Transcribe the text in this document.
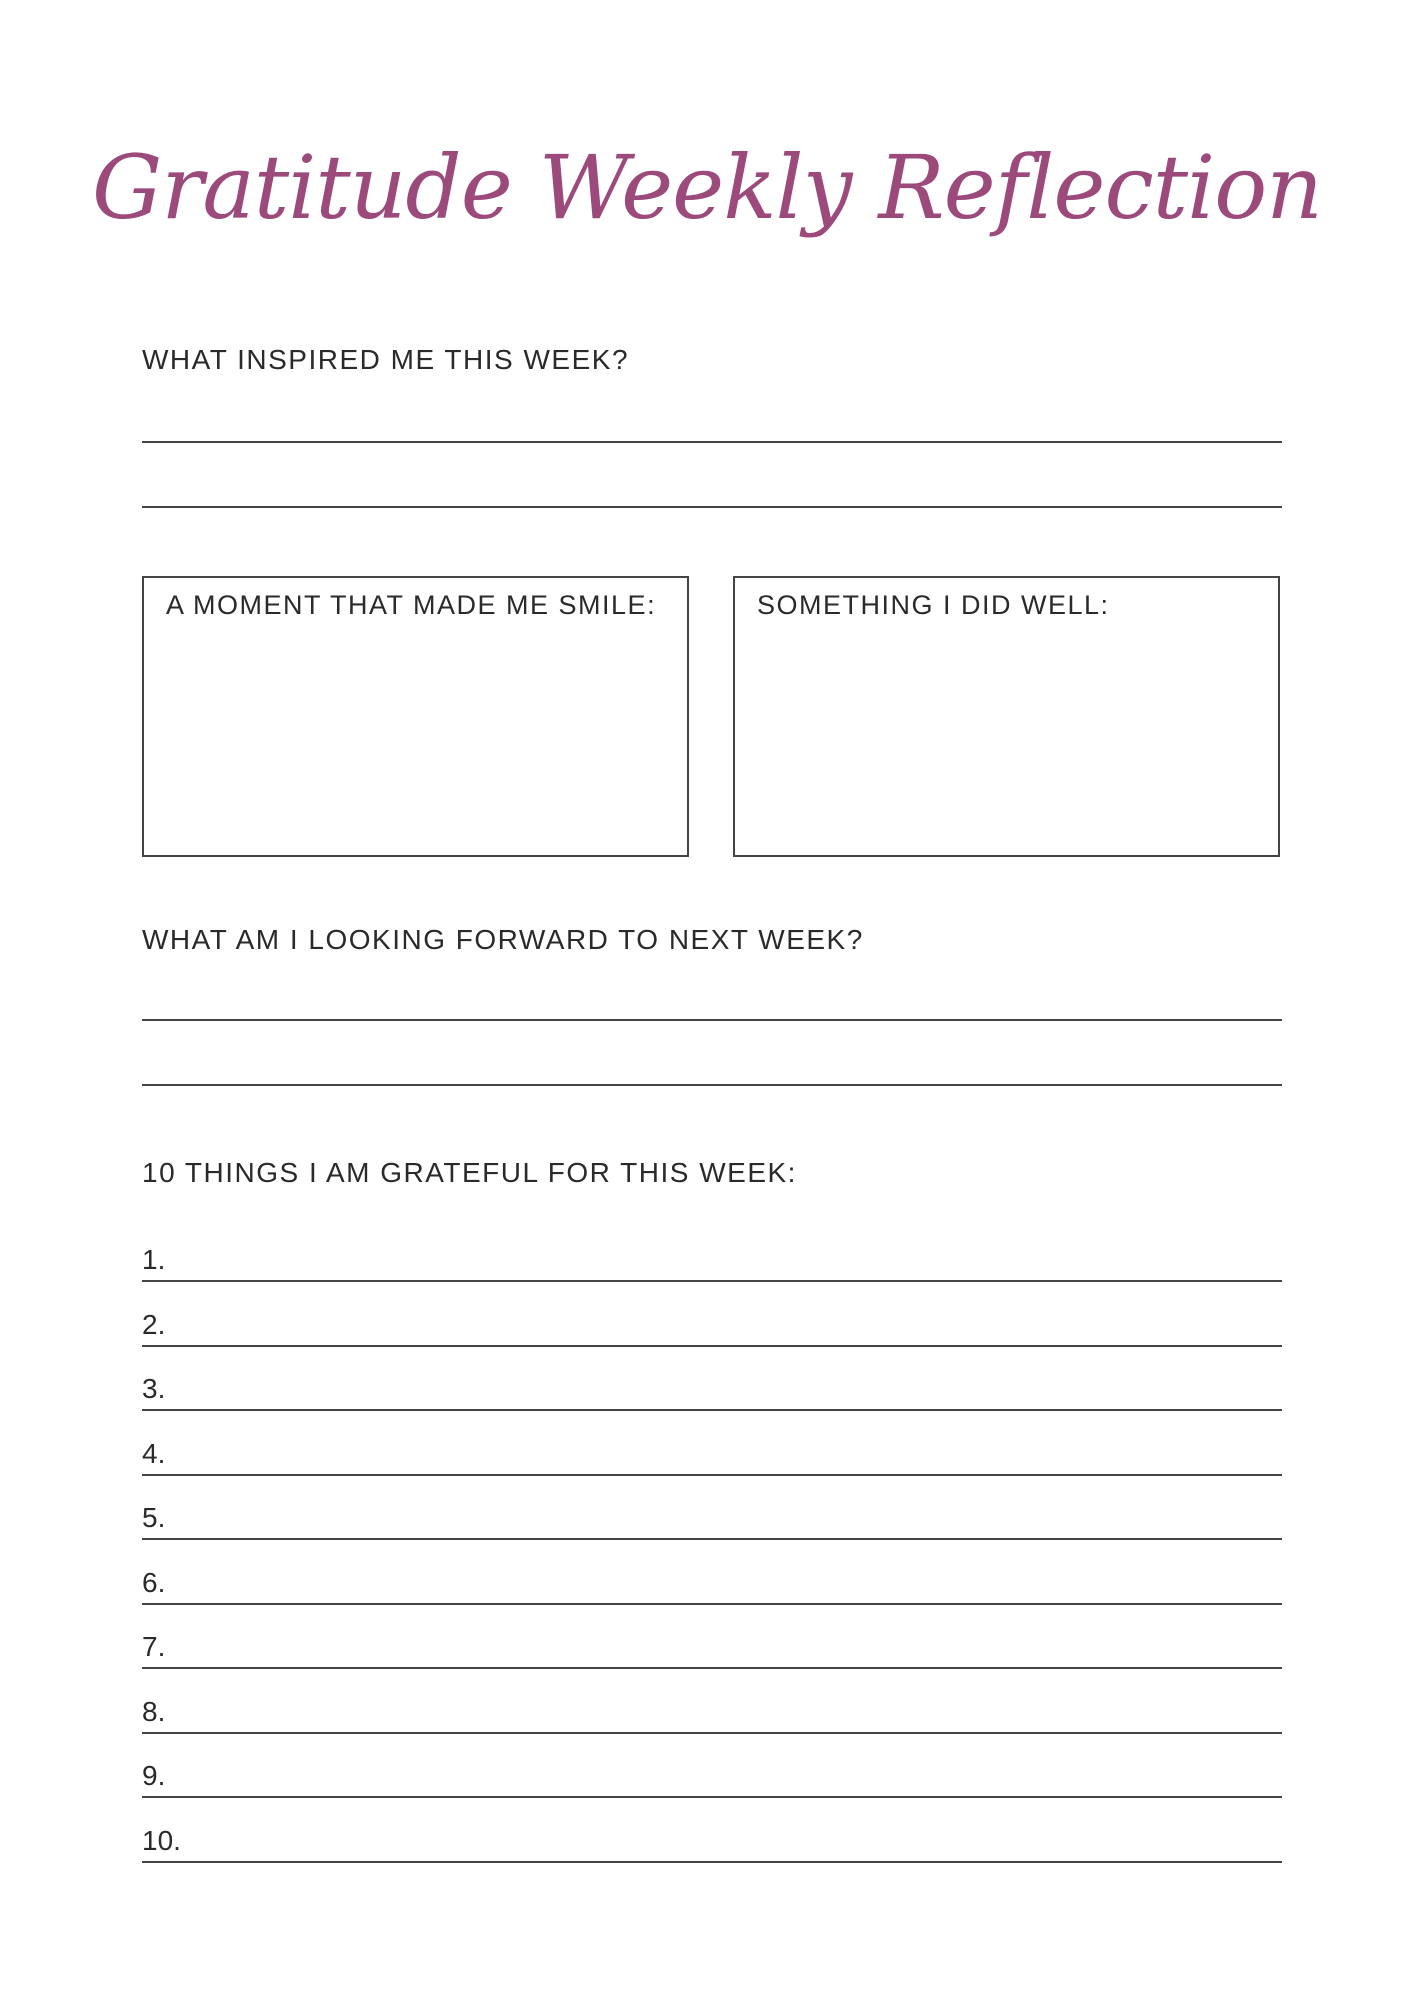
Gratitude Weekly Reflection
WHAT INSPIRED ME THIS WEEK?
A MOMENT THAT MADE ME SMILE:	SOMETHING I DID WELL:
WHAT AM I LOOKING FORWARD TO NEXT WEEK?
10 THINGS I AM GRATEFUL FOR THIS WEEK:
1.
2.
3.
4.
5.
6.
7.
8.
9.
10.
